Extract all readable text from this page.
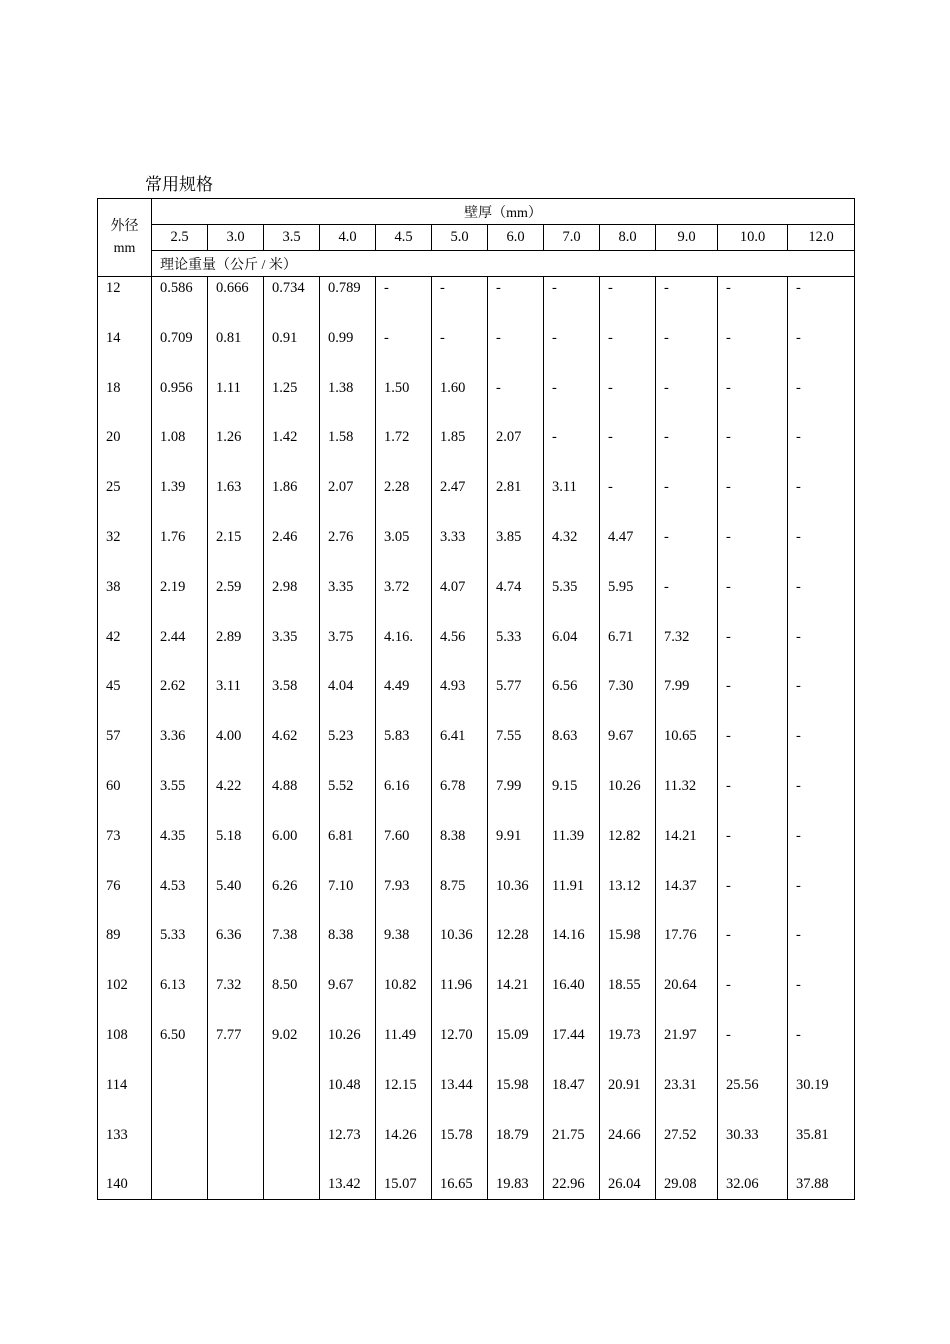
常用规格
外径
mm	壁厚（mm）											
	2.5	3.0	3.5	4.0	4.5	5.0	6.0	7.0	8.0	9.0	10.0	12.0
	理论重量（公斤 / 米）											
12	0.586	0.666	0.734	0.789	-	-	-	-	-	-	-	-
14	0.709	0.81	0.91	0.99	-	-	-	-	-	-	-	-
18	0.956	1.11	1.25	1.38	1.50	1.60	-	-	-	-	-	-
20	1.08	1.26	1.42	1.58	1.72	1.85	2.07	-	-	-	-	-
25	1.39	1.63	1.86	2.07	2.28	2.47	2.81	3.11	-	-	-	-
32	1.76	2.15	2.46	2.76	3.05	3.33	3.85	4.32	4.47	-	-	-
38	2.19	2.59	2.98	3.35	3.72	4.07	4.74	5.35	5.95	-	-	-
42	2.44	2.89	3.35	3.75	4.16.	4.56	5.33	6.04	6.71	7.32	-	-
45	2.62	3.11	3.58	4.04	4.49	4.93	5.77	6.56	7.30	7.99	-	-
57	3.36	4.00	4.62	5.23	5.83	6.41	7.55	8.63	9.67	10.65	-	-
60	3.55	4.22	4.88	5.52	6.16	6.78	7.99	9.15	10.26	11.32	-	-
73	4.35	5.18	6.00	6.81	7.60	8.38	9.91	11.39	12.82	14.21	-	-
76	4.53	5.40	6.26	7.10	7.93	8.75	10.36	11.91	13.12	14.37	-	-
89	5.33	6.36	7.38	8.38	9.38	10.36	12.28	14.16	15.98	17.76	-	-
102	6.13	7.32	8.50	9.67	10.82	11.96	14.21	16.40	18.55	20.64	-	-
108	6.50	7.77	9.02	10.26	11.49	12.70	15.09	17.44	19.73	21.97	-	-
114				10.48	12.15	13.44	15.98	18.47	20.91	23.31	25.56	30.19
133				12.73	14.26	15.78	18.79	21.75	24.66	27.52	30.33	35.81
140				13.42	15.07	16.65	19.83	22.96	26.04	29.08	32.06	37.88
